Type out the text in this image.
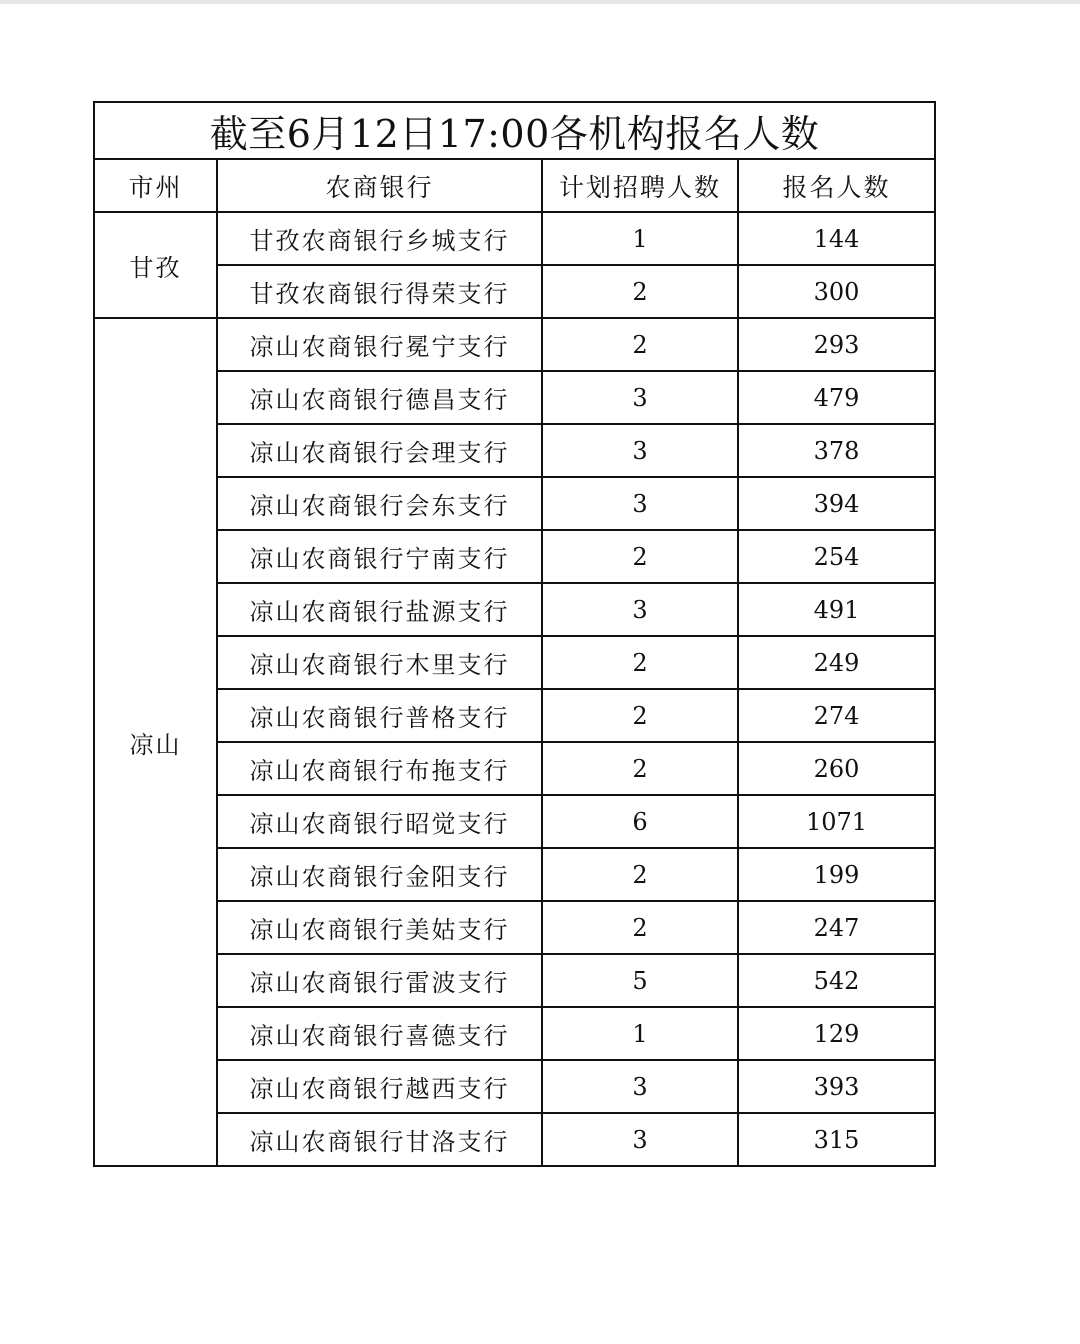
截至6月12日17:00各机构报名人数			
市州	农商银行	计划招聘人数	报名人数
甘孜	甘孜农商银行乡城支行	1	144
	甘孜农商银行得荣支行	2	300
凉山	凉山农商银行冕宁支行	2	293
	凉山农商银行德昌支行	3	479
	凉山农商银行会理支行	3	378
	凉山农商银行会东支行	3	394
	凉山农商银行宁南支行	2	254
	凉山农商银行盐源支行	3	491
	凉山农商银行木里支行	2	249
	凉山农商银行普格支行	2	274
	凉山农商银行布拖支行	2	260
	凉山农商银行昭觉支行	6	1071
	凉山农商银行金阳支行	2	199
	凉山农商银行美姑支行	2	247
	凉山农商银行雷波支行	5	542
	凉山农商银行喜德支行	1	129
	凉山农商银行越西支行	3	393
	凉山农商银行甘洛支行	3	315
